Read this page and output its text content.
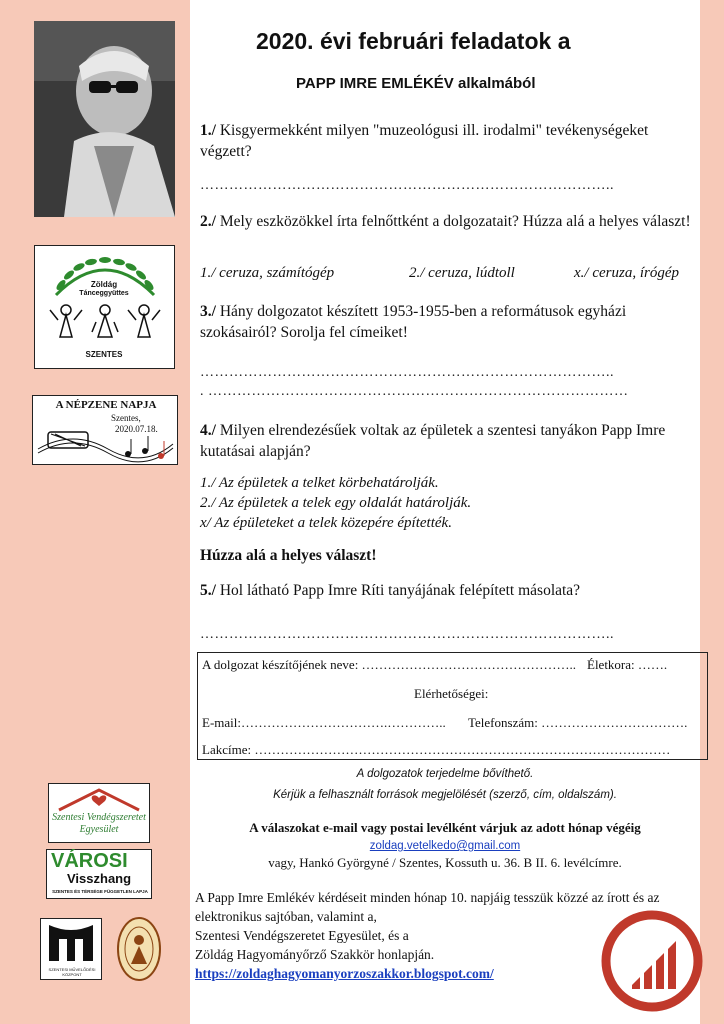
Zöldág
Tánceggyüttes
SZENTES
A NÉPZENE NAPJA
Szentes,
2020.07.18.
2020. évi februári feladatok a
PAPP IMRE EMLÉKÉV alkalmából
1./ Kisgyermekként milyen "muzeológusi ill. irodalmi" tevékenységeket végzett?
…………………………………………………………………………..
2./ Mely eszközökkel írta felnőttként a dolgozatait? Húzza alá a helyes választ!
1./ ceruza, számítógép	2./ ceruza, lúdtoll	x./ ceruza, írógép
3./ Hány dolgozatot készített 1953-1955-ben a reformátusok egyházi szokásairól? Sorolja fel címeiket!
…………………………………………………………………………..
. ……………………………………………………………………………
4./ Milyen elrendezésűek voltak az épületek a szentesi tanyákon Papp Imre kutatásai alapján?
1./ Az épületek a telket körbehatárolják.
2./ Az épületek a telek egy oldalát határolják.
x/ Az épületeket a telek közepére építették.
Húzza alá a helyes választ!
5./ Hol látható Papp Imre Ríti tanyájának felépített másolata?
…………………………………………………………………………..
A dolgozat készítőjének neve: ………………………………………….. Életkora: …….
Elérhetőségei:
E-mail:…………………………….………….. Telefonszám: …………………………….
Lakcíme: ……………………………………………………………………………………
A dolgozatok terjedelme bővíthető.
Kérjük a felhasznált források megjelölését (szerző, cím, oldalszám).
A válaszokat e-mail vagy postai levélként várjuk az adott hónap végéig
zoldag.vetelkedo@gmail.com
vagy, Hankó Györgyné / Szentes, Kossuth u. 36. B II. 6. levélcímre.
A Papp Imre Emlékév kérdéseit minden hónap 10. napjáig tesszük közzé az írott és az elektronikus sajtóban, valamint a,
Szentesi Vendégszeretet Egyesület, és a
Zöldág Hagyományőrző Szakkör honlapján.
https://zoldaghagyomanyorzoszakkor.blogspot.com/
Szentesi Vendégszeretet
Egyesület
VÁROSI
Visszhang
SZENTES ÉS TÉRSÉGE FÜGGETLEN LAPJA
SZENTESI MŰVELŐDÉSI KÖZPONT
